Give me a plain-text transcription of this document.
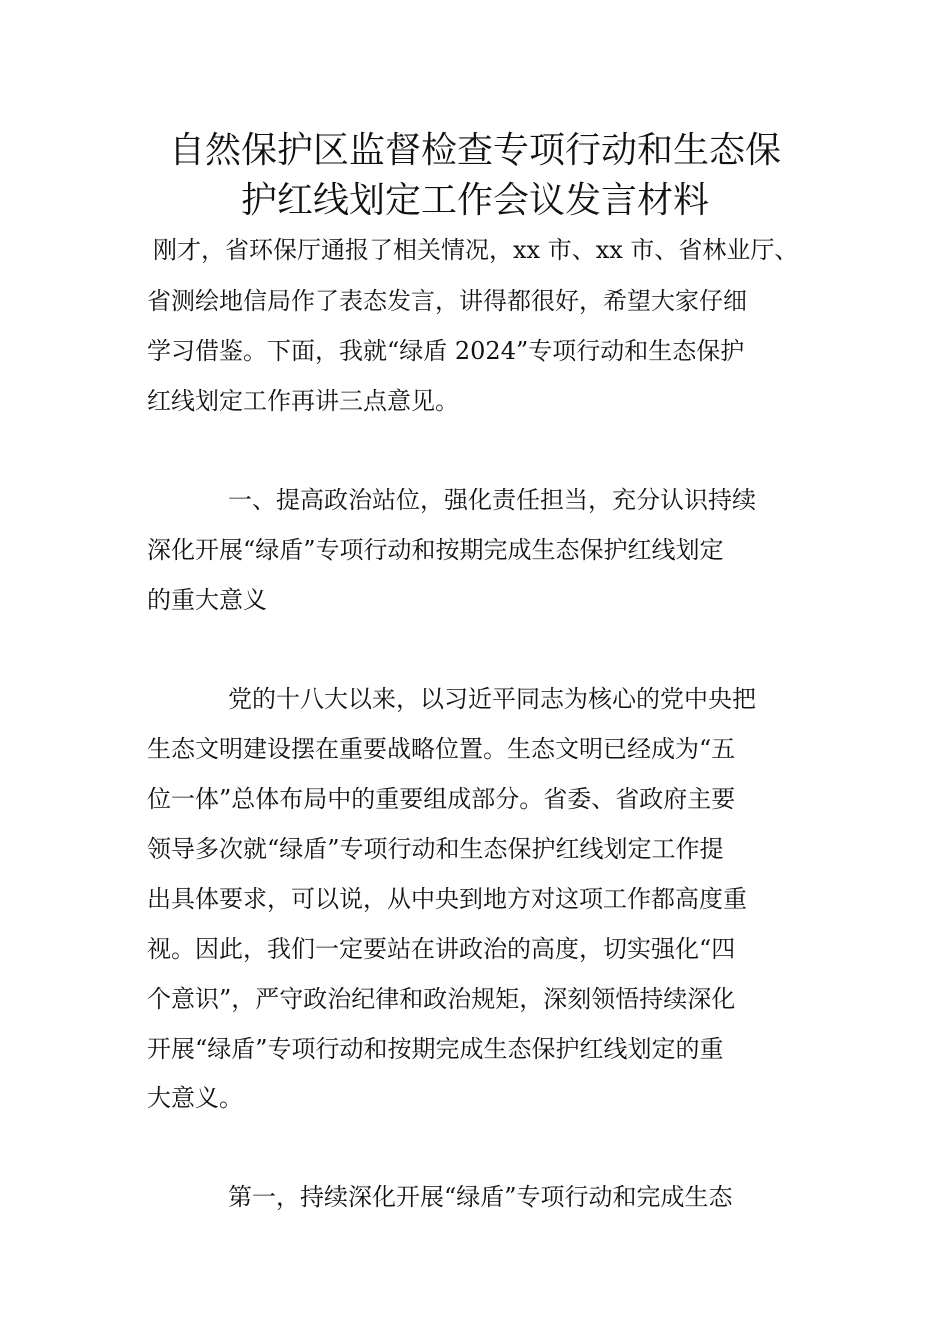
自然保护区监督检查专项行动和生态保
护红线划定工作会议发言材料
刚才，省环保厅通报了相关情况，xx 市、xx 市、省林业厅、
省测绘地信局作了表态发言，讲得都很好，希望大家仔细
学习借鉴。下面，我就“绿盾 2024”专项行动和生态保护
红线划定工作再讲三点意见。
一、提高政治站位，强化责任担当，充分认识持续
深化开展“绿盾”专项行动和按期完成生态保护红线划定
的重大意义
党的十八大以来，以习近平同志为核心的党中央把
生态文明建设摆在重要战略位置。生态文明已经成为“五
位一体”总体布局中的重要组成部分。省委、省政府主要
领导多次就“绿盾”专项行动和生态保护红线划定工作提
出具体要求，可以说，从中央到地方对这项工作都高度重
视。因此，我们一定要站在讲政治的高度，切实强化“四
个意识”，严守政治纪律和政治规矩，深刻领悟持续深化
开展“绿盾”专项行动和按期完成生态保护红线划定的重
大意义。
第一，持续深化开展“绿盾”专项行动和完成生态
